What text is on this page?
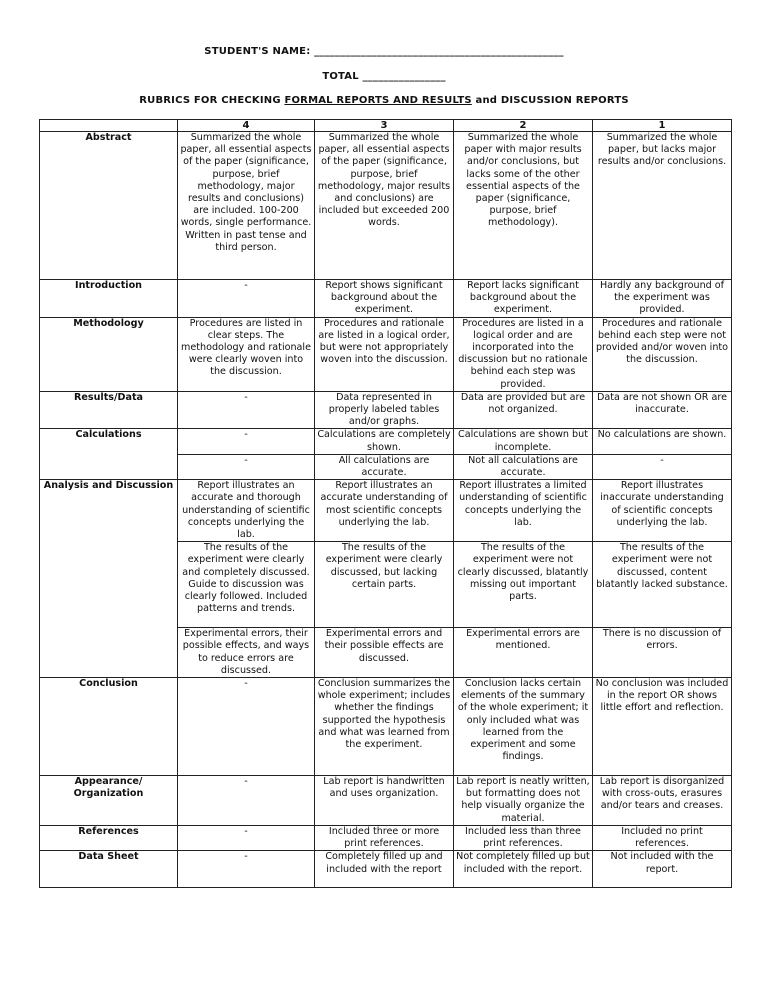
STUDENT'S NAME: ________________________________________________
TOTAL ________________
RUBRICS FOR CHECKING FORMAL REPORTS AND RESULTS and DISCUSSION REPORTS
	4	3	2	1
Abstract	Summarized the whole paper, all essential aspects of the paper (significance, purpose, brief methodology, major results and conclusions) are included. 100-200 words, single performance. Written in past tense and third person.	Summarized the whole paper, all essential aspects of the paper (significance, purpose, brief methodology, major results and conclusions) are included but exceeded 200 words.	Summarized the whole paper with major results and/or conclusions, but lacks some of the other essential aspects of the paper (significance, purpose, brief methodology).	Summarized the whole paper, but lacks major results and/or conclusions.
Introduction	-	Report shows significant background about the experiment.	Report lacks significant background about the experiment.	Hardly any background of the experiment was provided.
Methodology	Procedures are listed in clear steps. The methodology and rationale were clearly woven into the discussion.	Procedures and rationale are listed in a logical order, but were not appropriately woven into the discussion.	Procedures are listed in a logical order and are incorporated into the discussion but no rationale behind each step was provided.	Procedures and rationale behind each step were not provided and/or woven into the discussion.
Results/Data	-	Data represented in properly labeled tables and/or graphs.	Data are provided but are not organized.	Data are not shown OR are inaccurate.
Calculations	-	Calculations are completely shown.	Calculations are shown but incomplete.	No calculations are shown.
	-	All calculations are accurate.	Not all calculations are accurate.	-
Analysis and Discussion	Report illustrates an accurate and thorough understanding of scientific concepts underlying the lab.	Report illustrates an accurate understanding of most scientific concepts underlying the lab.	Report illustrates a limited understanding of scientific concepts underlying the lab.	Report illustrates inaccurate understanding of scientific concepts underlying the lab.
	The results of the experiment were clearly and completely discussed. Guide to discussion was clearly followed. Included patterns and trends.	The results of the experiment were clearly discussed, but lacking certain parts.	The results of the experiment were not clearly discussed, blatantly missing out important parts.	The results of the experiment were not discussed, content blatantly lacked substance.
	Experimental errors, their possible effects, and ways to reduce errors are discussed.	Experimental errors and their possible effects are discussed.	Experimental errors are mentioned.	There is no discussion of errors.
Conclusion	-	Conclusion summarizes the whole experiment; includes whether the findings supported the hypothesis and what was learned from the experiment.	Conclusion lacks certain elements of the summary of the whole experiment; it only included what was learned from the experiment and some findings.	No conclusion was included in the report OR shows little effort and reflection.
Appearance/ Organization	-	Lab report is handwritten and uses organization.	Lab report is neatly written, but formatting does not help visually organize the material.	Lab report is disorganized with cross-outs, erasures and/or tears and creases.
References	-	Included three or more print references.	Included less than three print references.	Included no print references.
Data Sheet	-	Completely filled up and included with the report	Not completely filled up but included with the report.	Not included with the report.
